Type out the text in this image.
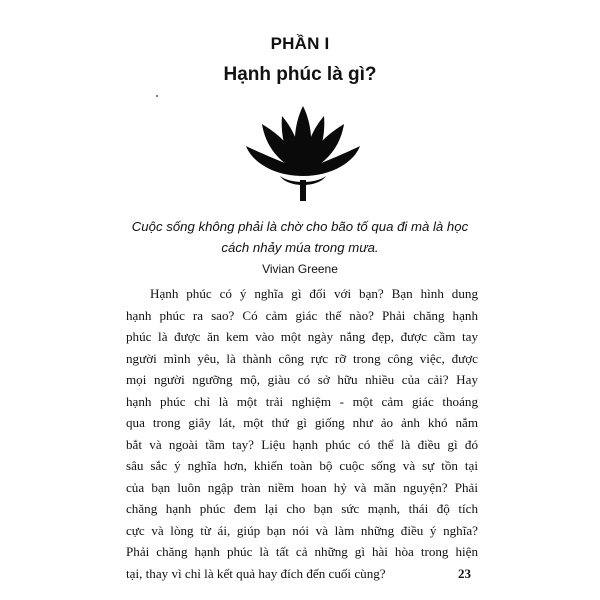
PHẦN I
Hạnh phúc là gì?
Cuộc sống không phải là chờ cho bão tố qua đi mà là học
cách nhảy múa trong mưa.
Vivian Greene
Hạnh phúc có ý nghĩa gì đối với bạn? Bạn hình dung
hạnh phúc ra sao? Có cảm giác thế nào? Phải chăng hạnh
phúc là được ăn kem vào một ngày nắng đẹp, được cầm tay
người mình yêu, là thành công rực rỡ trong công việc, được
mọi người ngưỡng mộ, giàu có sở hữu nhiều của cải? Hay
hạnh phúc chỉ là một trải nghiệm - một cảm giác thoáng
qua trong giây lát, một thứ gì giống như ảo ảnh khó nắm
bắt và ngoài tầm tay? Liệu hạnh phúc có thể là điều gì đó
sâu sắc ý nghĩa hơn, khiến toàn bộ cuộc sống và sự tồn tại
của bạn luôn ngập tràn niềm hoan hỷ và mãn nguyện? Phải
chăng hạnh phúc đem lại cho bạn sức mạnh, thái độ tích
cực và lòng từ ái, giúp bạn nói và làm những điều ý nghĩa?
Phải chăng hạnh phúc là tất cả những gì hài hòa trong hiện
tại, thay vì chỉ là kết quả hay đích đến cuối cùng?	23
